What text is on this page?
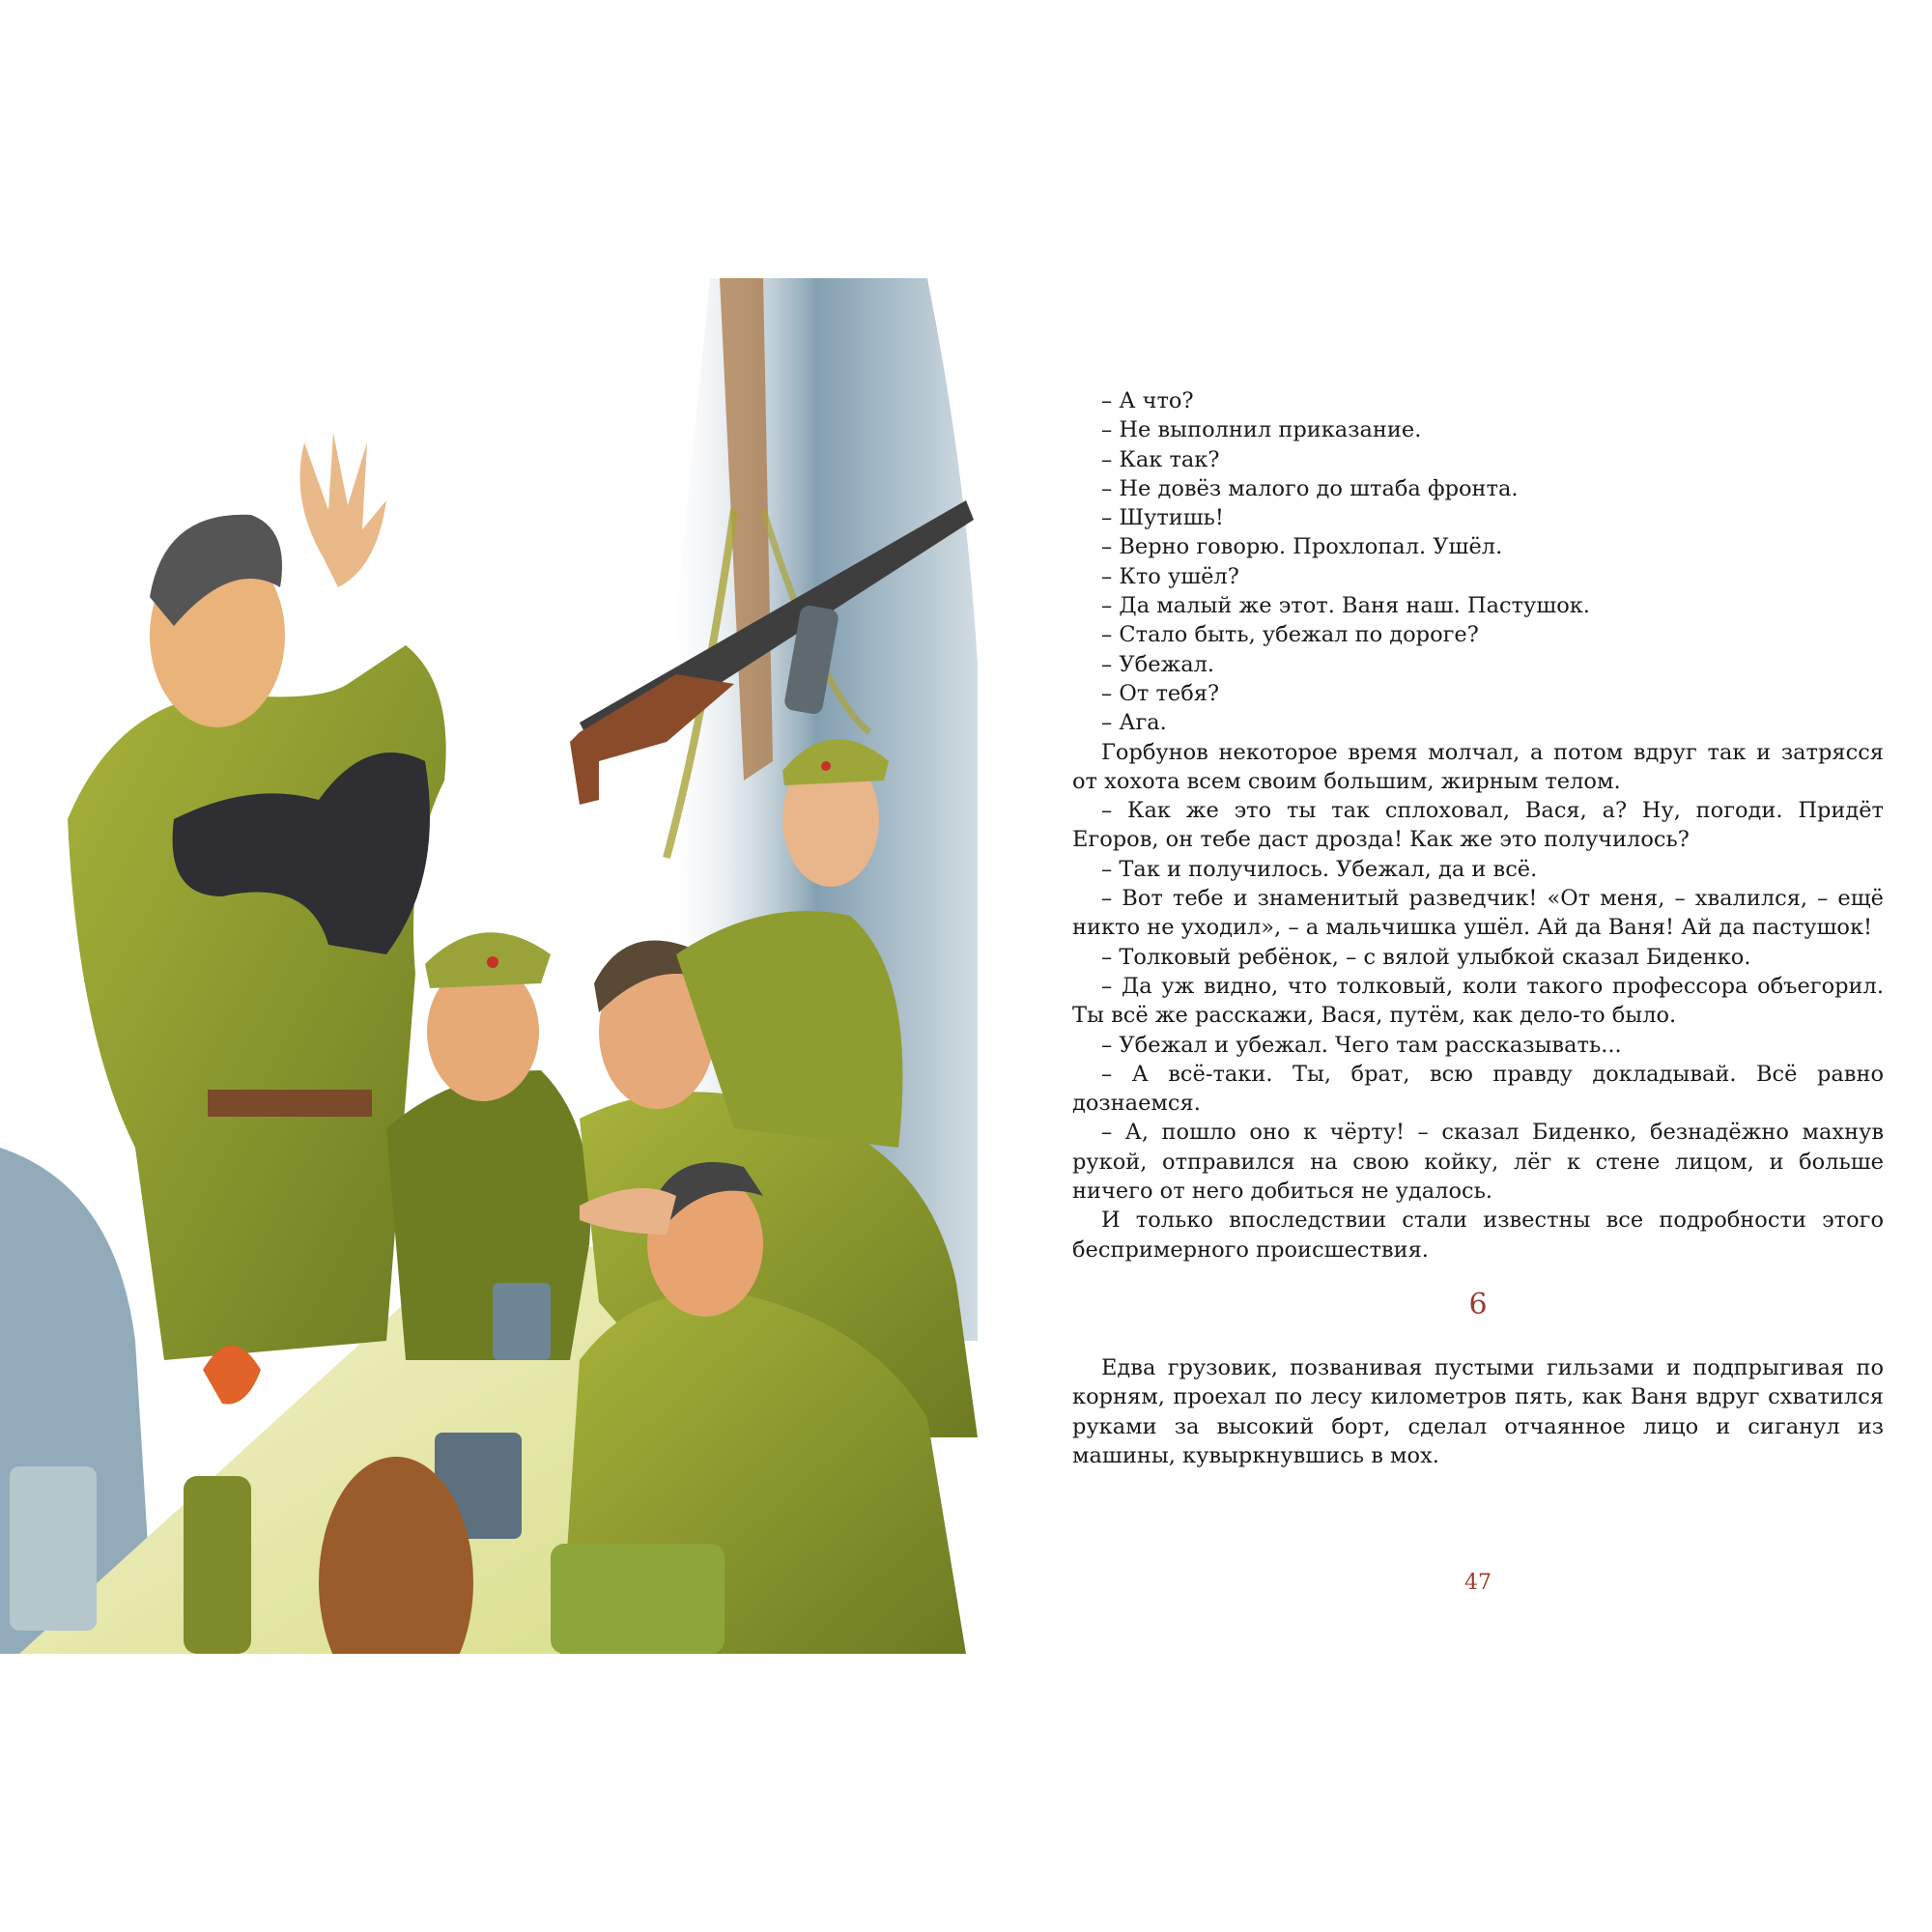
– А что?

– Не выполнил приказание.

– Как так?

– Не довёз малого до штаба фронта.

– Шутишь!

– Верно говорю. Прохлопал. Ушёл.

– Кто ушёл?

– Да малый же этот. Ваня наш. Пастушок.

– Стало быть, убежал по дороге?

– Убежал.

– От тебя?

– Ага.

Горбунов некоторое время молчал, а потом вдруг так и затрясся от хохота всем своим большим, жирным телом.

– Как же это ты так сплоховал, Вася, а? Ну, погоди. Придёт Егоров, он тебе даст дрозда! Как же это получилось?

– Так и получилось. Убежал, да и всё.

– Вот тебе и знаменитый разведчик! «От меня, – хвалился, – ещё никто не уходил», – а мальчишка ушёл. Ай да Ваня! Ай да пастушок!

– Толковый ребёнок, – с вялой улыбкой сказал Биденко.

– Да уж видно, что толковый, коли такого профессора объегорил. Ты всё же расскажи, Вася, путём, как дело-то было.

– Убежал и убежал. Чего там рассказывать...

– А всё-таки. Ты, брат, всю правду докладывай. Всё равно дознаемся.

– А, пошло оно к чёрту! – сказал Биденко, безнадёжно махнув рукой, отправился на свою койку, лёг к стене лицом, и больше ничего от него добиться не удалось.

И только впоследствии стали известны все подробности этого беспримерного происшествия.

6

Едва грузовик, позванивая пустыми гильзами и подпрыгивая по корням, проехал по лесу километров пять, как Ваня вдруг схватился руками за высокий борт, сделал отчаянное лицо и сиганул из машины, кувыркнувшись в мох.

47
